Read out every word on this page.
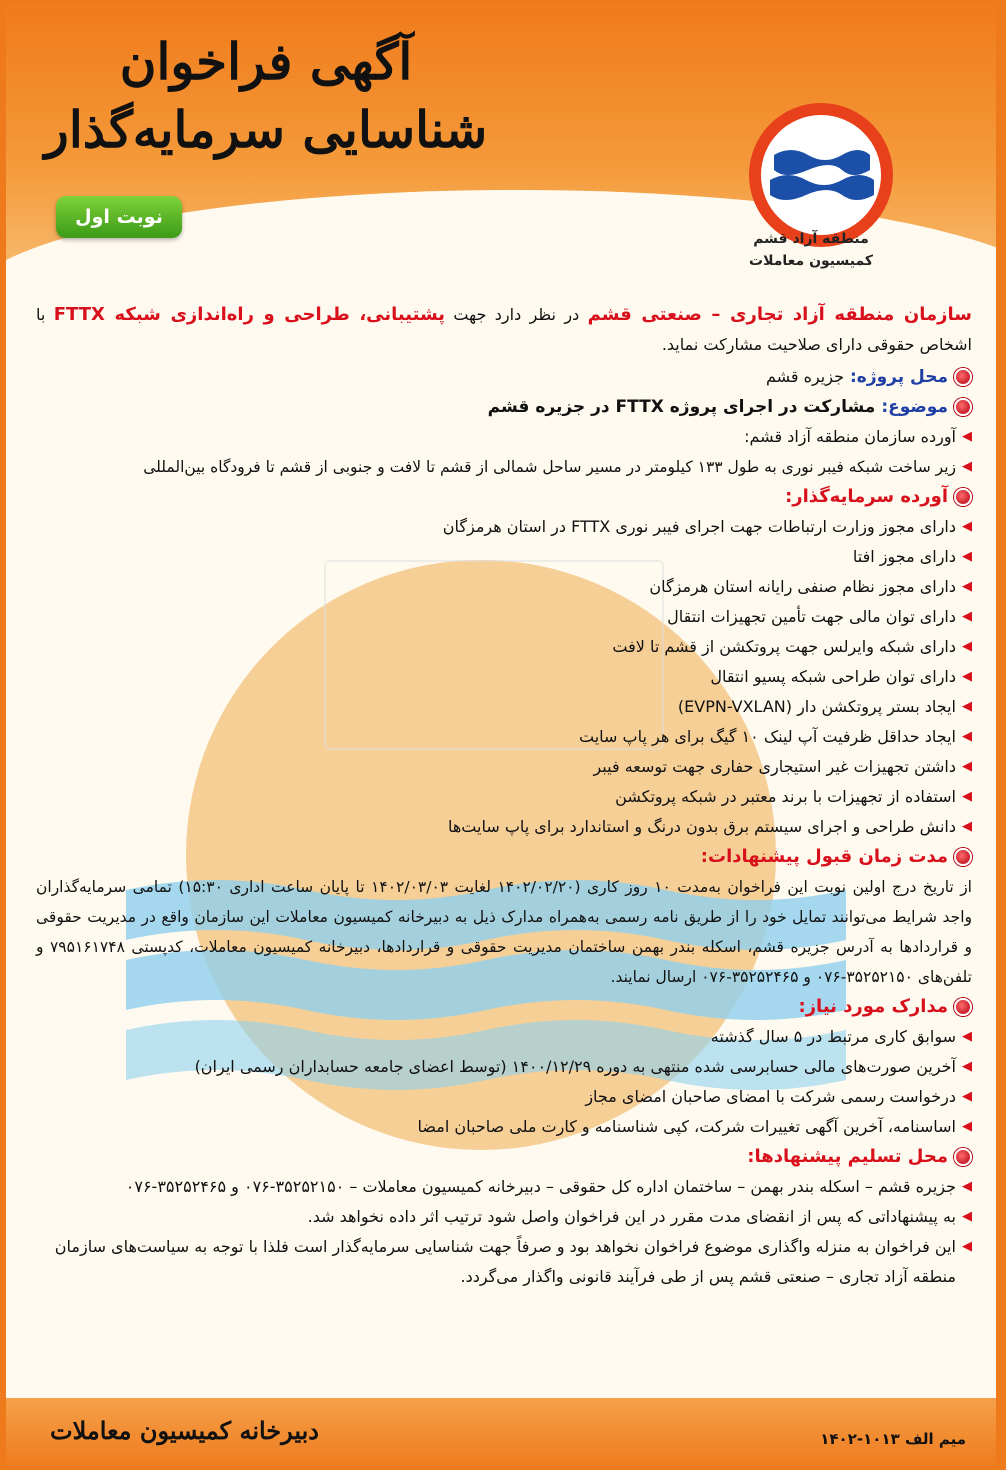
آگهی فراخوان
شناسایی سرمایه‌گذار
نوبت اول
منطقه آزاد قشم
کمیسیون معاملات

سازمان منطقه آزاد تجاری – صنعتی قشم در نظر دارد جهت پشتیبانی، طراحی و راه‌اندازی شبکه FTTX با اشخاص حقوقی دارای صلاحیت مشارکت نماید.

محل پروژه:
جزیره قشم
موضوع:
مشارکت در اجرای پروژه FTTX در جزیره قشم
◀
آورده سازمان منطقه آزاد قشم:
◀
زیر ساخت شبکه فیبر نوری به طول ۱۳۳ کیلومتر در مسیر ساحل شمالی از قشم تا لافت و جنوبی از قشم تا فرودگاه بین‌المللی
آورده سرمایه‌گذار:
◀
دارای مجوز وزارت ارتباطات جهت اجرای فیبر نوری FTTX در استان هرمزگان
◀
دارای مجوز افتا
◀
دارای مجوز نظام صنفی رایانه استان هرمزگان
◀
دارای توان مالی جهت تأمین تجهیزات انتقال
◀
دارای شبکه وایرلس جهت پروتکشن از قشم تا لافت
◀
دارای توان طراحی شبکه پسیو انتقال
◀
ایجاد بستر پروتکشن دار (EVPN-VXLAN)
◀
ایجاد حداقل ظرفیت آپ لینک ۱۰ گیگ برای هر پاپ سایت
◀
داشتن تجهیزات غیر استیجاری حفاری جهت توسعه فیبر
◀
استفاده از تجهیزات با برند معتبر در شبکه پروتکشن
◀
دانش طراحی و اجرای سیستم برق بدون درنگ و استاندارد برای پاپ سایت‌ها
مدت زمان قبول پیشنهادات:

از تاریخ درج اولین نوبت این فراخوان به‌مدت ۱۰ روز کاری (۱۴۰۲/۰۲/۲۰ لغایت ۱۴۰۲/۰۳/۰۳ تا پایان ساعت اداری ۱۵:۳۰) تمامی سرمایه‌گذاران واجد شرایط می‌توانند تمایل خود را از طریق نامه رسمی به‌همراه مدارک ذیل به دبیرخانه کمیسیون معاملات این سازمان واقع در مدیریت حقوقی و قراردادها به آدرس جزیره قشم، اسکله بندر بهمن ساختمان مدیریت حقوقی و قراردادها، دبیرخانه کمیسیون معاملات، کدپستی ۷۹۵۱۶۱۷۴۸ و تلفن‌های ۳۵۲۵۲۱۵۰-۰۷۶ و ۳۵۲۵۲۴۶۵-۰۷۶ ارسال نمایند.

مدارک مورد نیاز:
◀
سوابق کاری مرتبط در ۵ سال گذشته
◀
آخرین صورت‌های مالی حسابرسی شده منتهی به دوره ۱۴۰۰/۱۲/۲۹ (توسط اعضای جامعه حسابداران رسمی ایران)
◀
درخواست رسمی شرکت با امضای صاحبان امضای مجاز
◀
اساسنامه، آخرین آگهی تغییرات شرکت، کپی شناسنامه و کارت ملی صاحبان امضا
محل تسلیم پیشنهادها:
◀
جزیره قشم – اسکله بندر بهمن – ساختمان اداره کل حقوقی – دبیرخانه کمیسیون معاملات – ۳۵۲۵۲۱۵۰-۰۷۶ و ۳۵۲۵۲۴۶۵-۰۷۶
◀
به پیشنهاداتی که پس از انقضای مدت مقرر در این فراخوان واصل شود ترتیب اثر داده نخواهد شد.
◀
این فراخوان به منزله واگذاری موضوع فراخوان نخواهد بود و صرفاً جهت شناسایی سرمایه‌گذار است فلذا با توجه به سیاست‌های سازمان منطقه آزاد تجاری – صنعتی قشم پس از طی فرآیند قانونی واگذار می‌گردد.
دبیرخانه کمیسیون معاملات	میم الف ۱۰۱۳-۱۴۰۲
